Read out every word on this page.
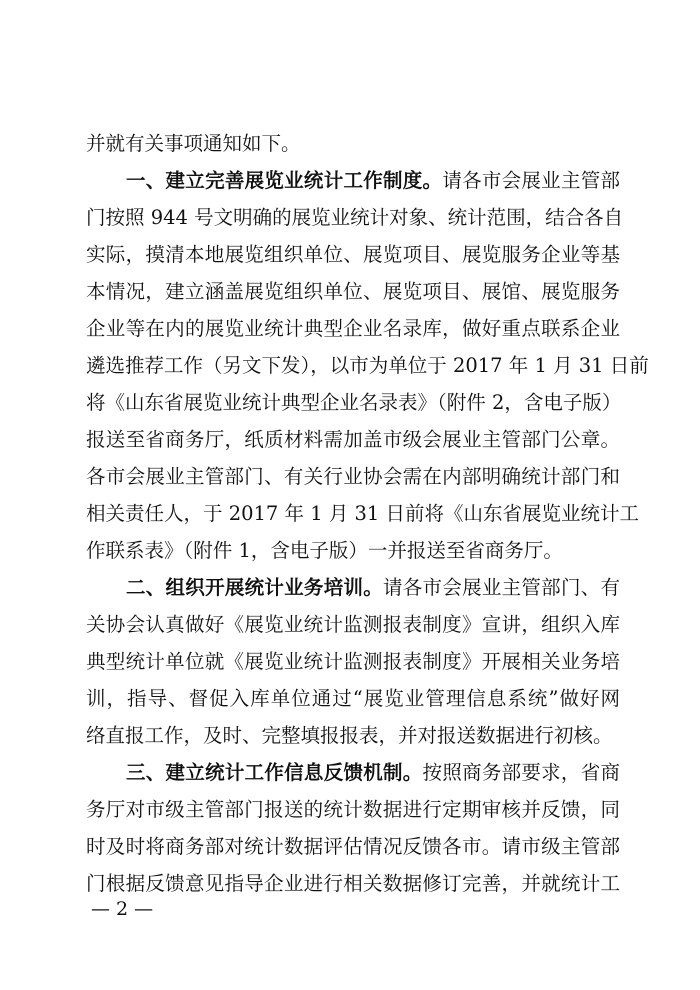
并就有关事项通知如下。
一、建立完善展览业统计工作制度。请各市会展业主管部
门按照 944 号文明确的展览业统计对象、统计范围，结合各自
实际，摸清本地展览组织单位、展览项目、展览服务企业等基
本情况，建立涵盖展览组织单位、展览项目、展馆、展览服务
企业等在内的展览业统计典型企业名录库，做好重点联系企业
遴选推荐工作（另文下发），以市为单位于 2017 年 1 月 31 日前
将《山东省展览业统计典型企业名录表》（附件 2，含电子版）
报送至省商务厅，纸质材料需加盖市级会展业主管部门公章。
各市会展业主管部门、有关行业协会需在内部明确统计部门和
相关责任人，于 2017 年 1 月 31 日前将《山东省展览业统计工
作联系表》（附件 1，含电子版）一并报送至省商务厅。
二、组织开展统计业务培训。请各市会展业主管部门、有
关协会认真做好《展览业统计监测报表制度》宣讲，组织入库
典型统计单位就《展览业统计监测报表制度》开展相关业务培
训，指导、督促入库单位通过“展览业管理信息系统”做好网
络直报工作，及时、完整填报报表，并对报送数据进行初核。
三、建立统计工作信息反馈机制。按照商务部要求，省商
务厅对市级主管部门报送的统计数据进行定期审核并反馈，同
时及时将商务部对统计数据评估情况反馈各市。请市级主管部
门根据反馈意见指导企业进行相关数据修订完善，并就统计工
— 2 —
